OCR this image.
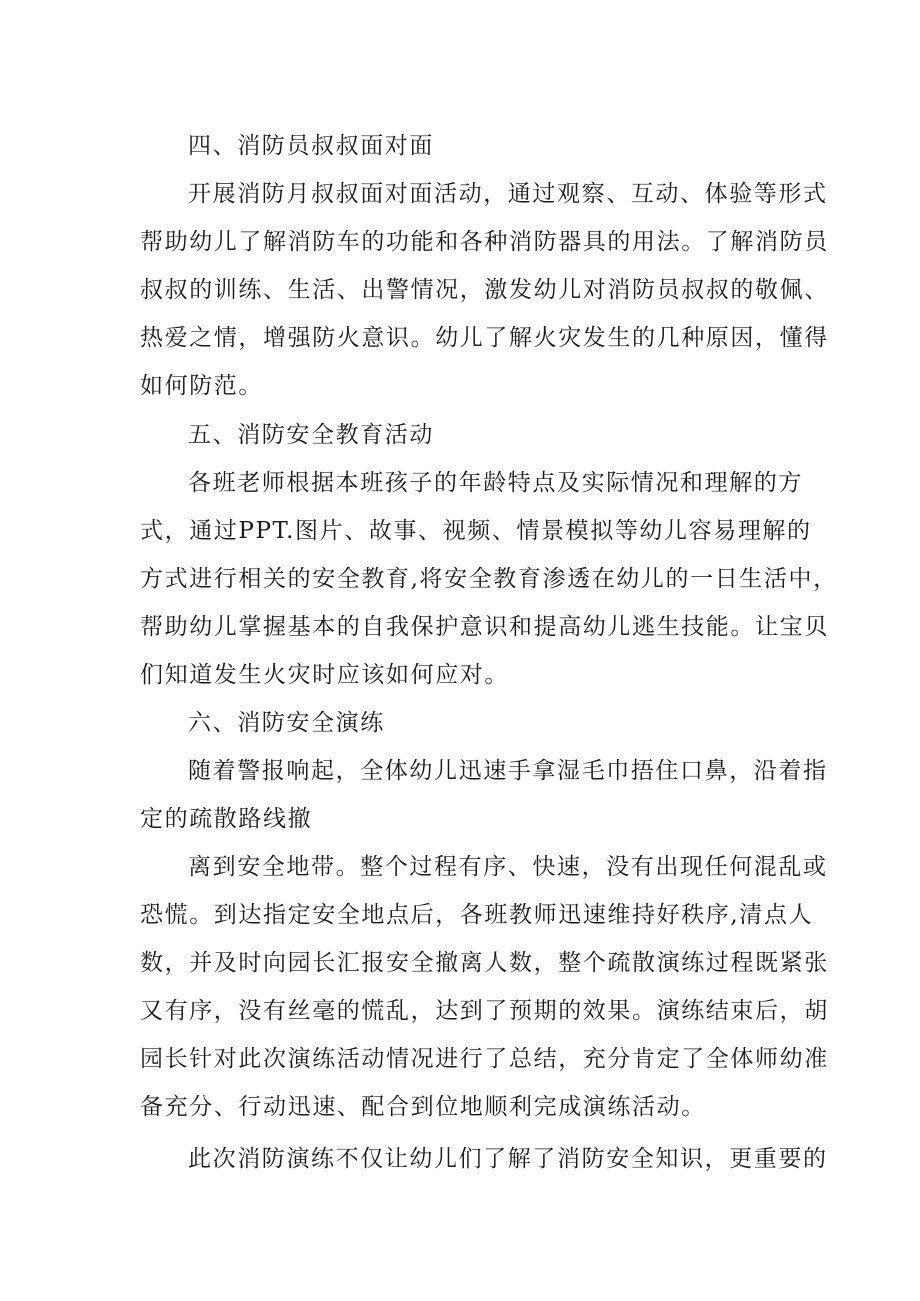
四、消防员叔叔面对面
开展消防月叔叔面对面活动，通过观察、互动、体验等形式
帮助幼儿了解消防车的功能和各种消防器具的用法。了解消防员
叔叔的训练、生活、出警情况，激发幼儿对消防员叔叔的敬佩、
热爱之情，增强防火意识。幼儿了解火灾发生的几种原因，懂得
如何防范。
五、消防安全教育活动
各班老师根据本班孩子的年龄特点及实际情况和理解的方
式，通过PPT.图片、故事、视频、情景模拟等幼儿容易理解的
方式进行相关的安全教育,将安全教育渗透在幼儿的一日生活中，
帮助幼儿掌握基本的自我保护意识和提高幼儿逃生技能。让宝贝
们知道发生火灾时应该如何应对。
六、消防安全演练
随着警报响起，全体幼儿迅速手拿湿毛巾捂住口鼻，沿着指
定的疏散路线撤
离到安全地带。整个过程有序、快速，没有出现任何混乱或
恐慌。到达指定安全地点后，各班教师迅速维持好秩序,清点人
数，并及时向园长汇报安全撤离人数，整个疏散演练过程既紧张
又有序，没有丝毫的慌乱，达到了预期的效果。演练结束后，胡
园长针对此次演练活动情况进行了总结，充分肯定了全体师幼准
备充分、行动迅速、配合到位地顺利完成演练活动。
此次消防演练不仅让幼儿们了解了消防安全知识，更重要的
